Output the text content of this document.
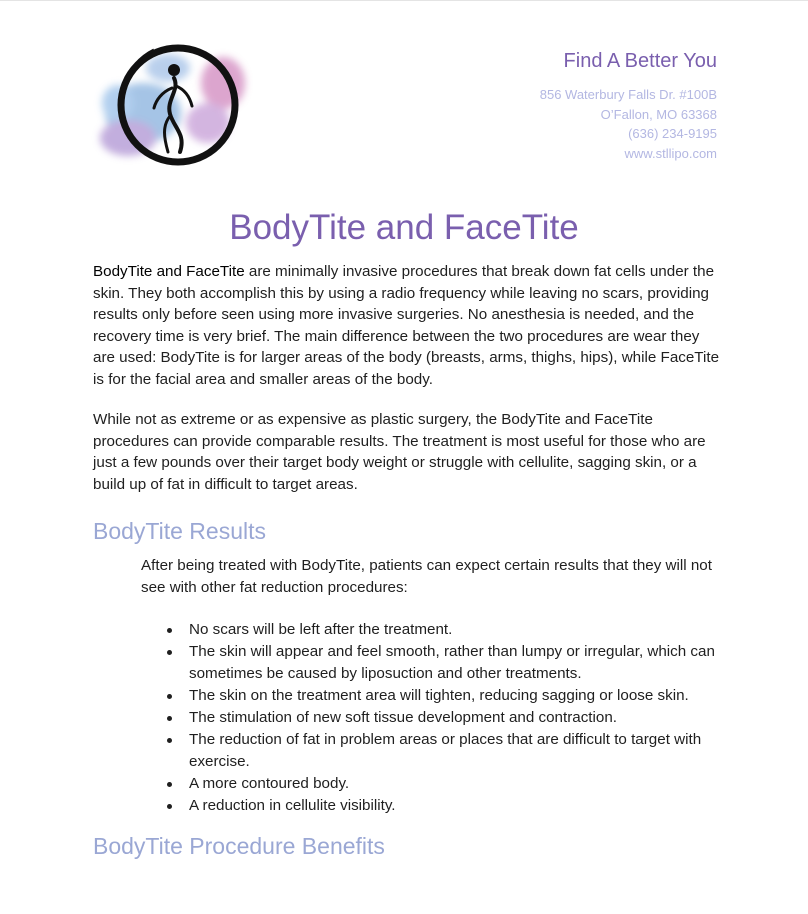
Find A Better You
856 Waterbury Falls Dr. #100B
O’Fallon, MO 63368
(636) 234-9195
www.stllipo.com
BodyTite and FaceTite
BodyTite and FaceTite are minimally invasive procedures that break down fat cells under the skin. They both accomplish this by using a radio frequency while leaving no scars, providing results only before seen using more invasive surgeries. No anesthesia is needed, and the recovery time is very brief. The main difference between the two procedures are wear they are used: BodyTite is for larger areas of the body (breasts, arms, thighs, hips), while FaceTite is for the facial area and smaller areas of the body.
While not as extreme or as expensive as plastic surgery, the BodyTite and FaceTite procedures can provide comparable results. The treatment is most useful for those who are just a few pounds over their target body weight or struggle with cellulite, sagging skin, or a build up of fat in difficult to target areas.
BodyTite Results
After being treated with BodyTite, patients can expect certain results that they will not see with other fat reduction procedures:
No scars will be left after the treatment.
The skin will appear and feel smooth, rather than lumpy or irregular, which can sometimes be caused by liposuction and other treatments.
The skin on the treatment area will tighten, reducing sagging or loose skin.
The stimulation of new soft tissue development and contraction.
The reduction of fat in problem areas or places that are difficult to target with exercise.
A more contoured body.
A reduction in cellulite visibility.
BodyTite Procedure Benefits
